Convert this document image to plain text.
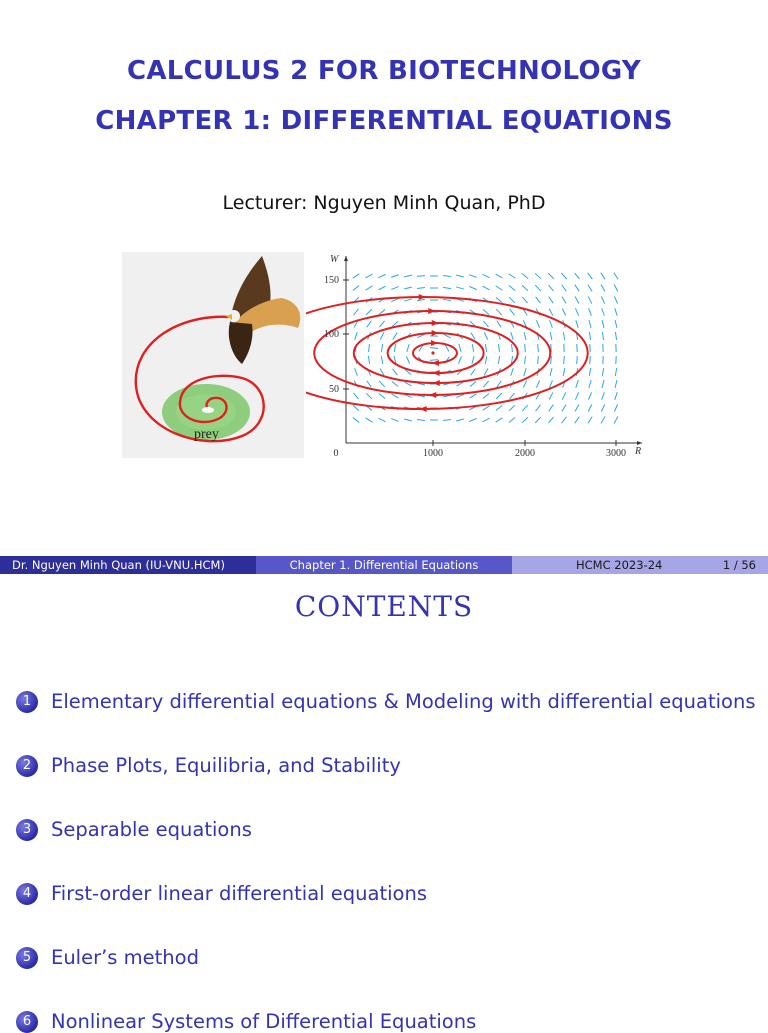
CALCULUS 2 FOR BIOTECHNOLOGY
CHAPTER 1: DIFFERENTIAL EQUATIONS
Lecturer: Nguyen Minh Quan, PhD
prey
W
R
150
100
50
0	1000	2000	3000
Dr. Nguyen Minh Quan (IU-VNU.HCM)	Chapter 1. Differential Equations	HCMC 2023-24	1 / 56
CONTENTS
1	Elementary differential equations & Modeling with differential equations
2	Phase Plots, Equilibria, and Stability
3	Separable equations
4	First-order linear differential equations
5	Euler’s method
6	Nonlinear Systems of Differential Equations
